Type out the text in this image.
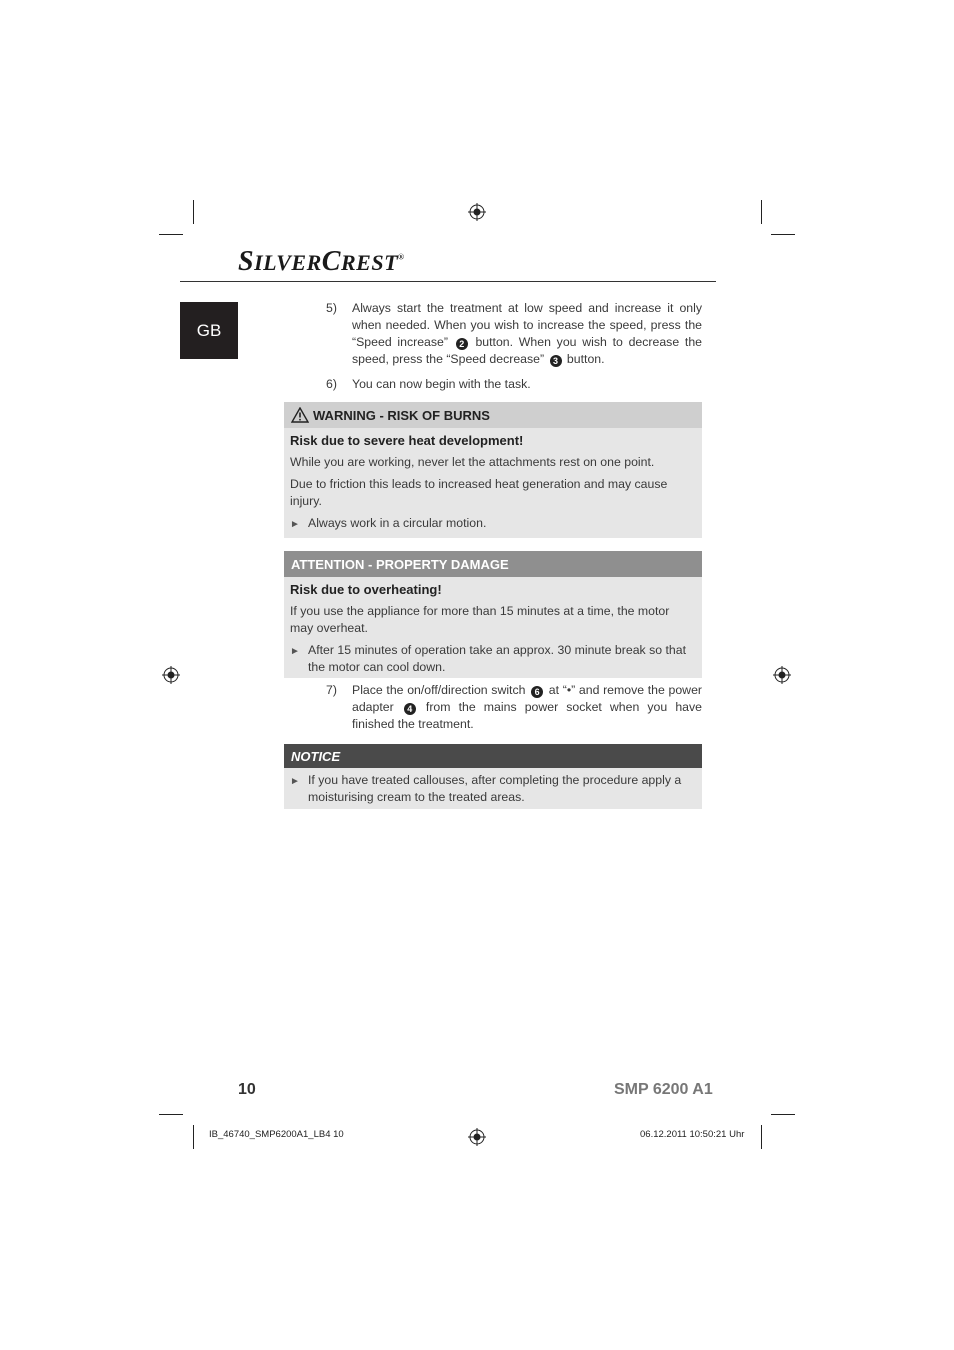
SILVERCREST®
GB
5)	Always start the treatment at low speed and increase it only when needed. When you wish to increase the speed, press the “Speed increase” 2 button. When you wish to decrease the speed, press the “Speed decrease” 3 button.
6)	You can now begin with the task.
WARNING - RISK OF BURNS
Risk due to severe heat development!
While you are working, never let the attachments rest on one point.
Due to friction this leads to increased heat generation and may cause injury.
► Always work in a circular motion.
ATTENTION - PROPERTY DAMAGE
Risk due to overheating!
If you use the appliance for more than 15 minutes at a time, the motor may overheat.
► After 15 minutes of operation take an approx. 30 minute break so that the motor can cool down.
7)	Place the on/off/direction switch 6 at “•” and remove the power adapter 4 from the mains power socket when you have finished the treatment.
NOTICE
► If you have treated callouses, after completing the procedure apply a moisturising cream to the treated areas.
10	SMP 6200 A1
IB_46740_SMP6200A1_LB4 10	06.12.2011 10:50:21 Uhr
